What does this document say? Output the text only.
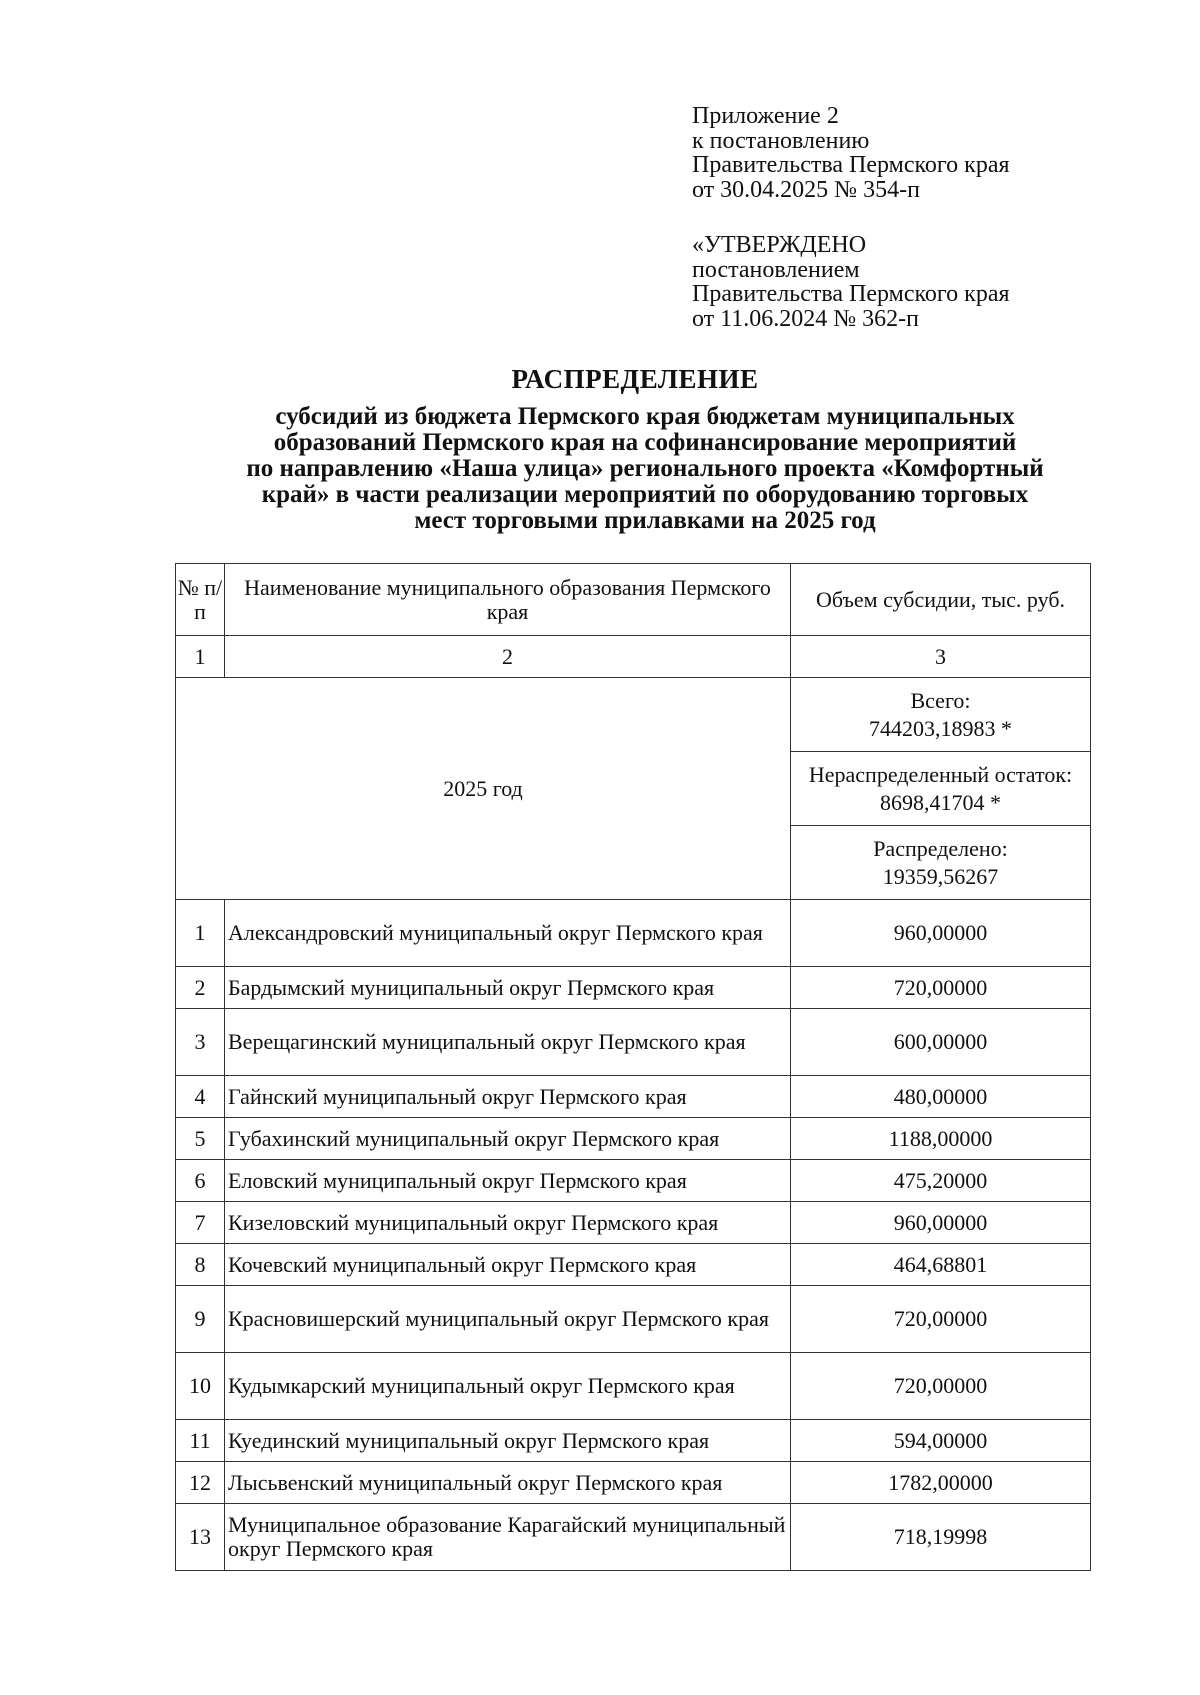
Приложение 2
к постановлению
Правительства Пермского края
от 30.04.2025 № 354-п
«УТВЕРЖДЕНО
постановлением
Правительства Пермского края
от 11.06.2024 № 362-п
РАСПРЕДЕЛЕНИЕ
субсидий из бюджета Пермского края бюджетам муниципальных
образований Пермского края на софинансирование мероприятий
по направлению «Наша улица» регионального проекта «Комфортный
край» в части реализации мероприятий по оборудованию торговых
мест торговыми прилавками на 2025 год
№ п/п	Наименование муниципального образования Пермского края	Объем субсидии, тыс. руб.
1	2	3
2025 год		Всего:
744203,18983 *

		Нераспределенный остаток:
8698,41704 *

		Распределено:
19359,56267

1	Александровский муниципальный округ Пермского края	960,00000
2	Бардымский муниципальный округ Пермского края	720,00000
3	Верещагинский муниципальный округ Пермского края	600,00000
4	Гайнский муниципальный округ Пермского края	480,00000
5	Губахинский муниципальный округ Пермского края	1188,00000
6	Еловский муниципальный округ Пермского края	475,20000
7	Кизеловский муниципальный округ Пермского края	960,00000
8	Кочевский муниципальный округ Пермского края	464,68801
9	Красновишерский муниципальный округ Пермского края	720,00000
10	Кудымкарский муниципальный округ Пермского края	720,00000
11	Куединский муниципальный округ Пермского края	594,00000
12	Лысьвенский муниципальный округ Пермского края	1782,00000
13	Муниципальное образование Карагайский муниципальный округ Пермского края	718,19998
